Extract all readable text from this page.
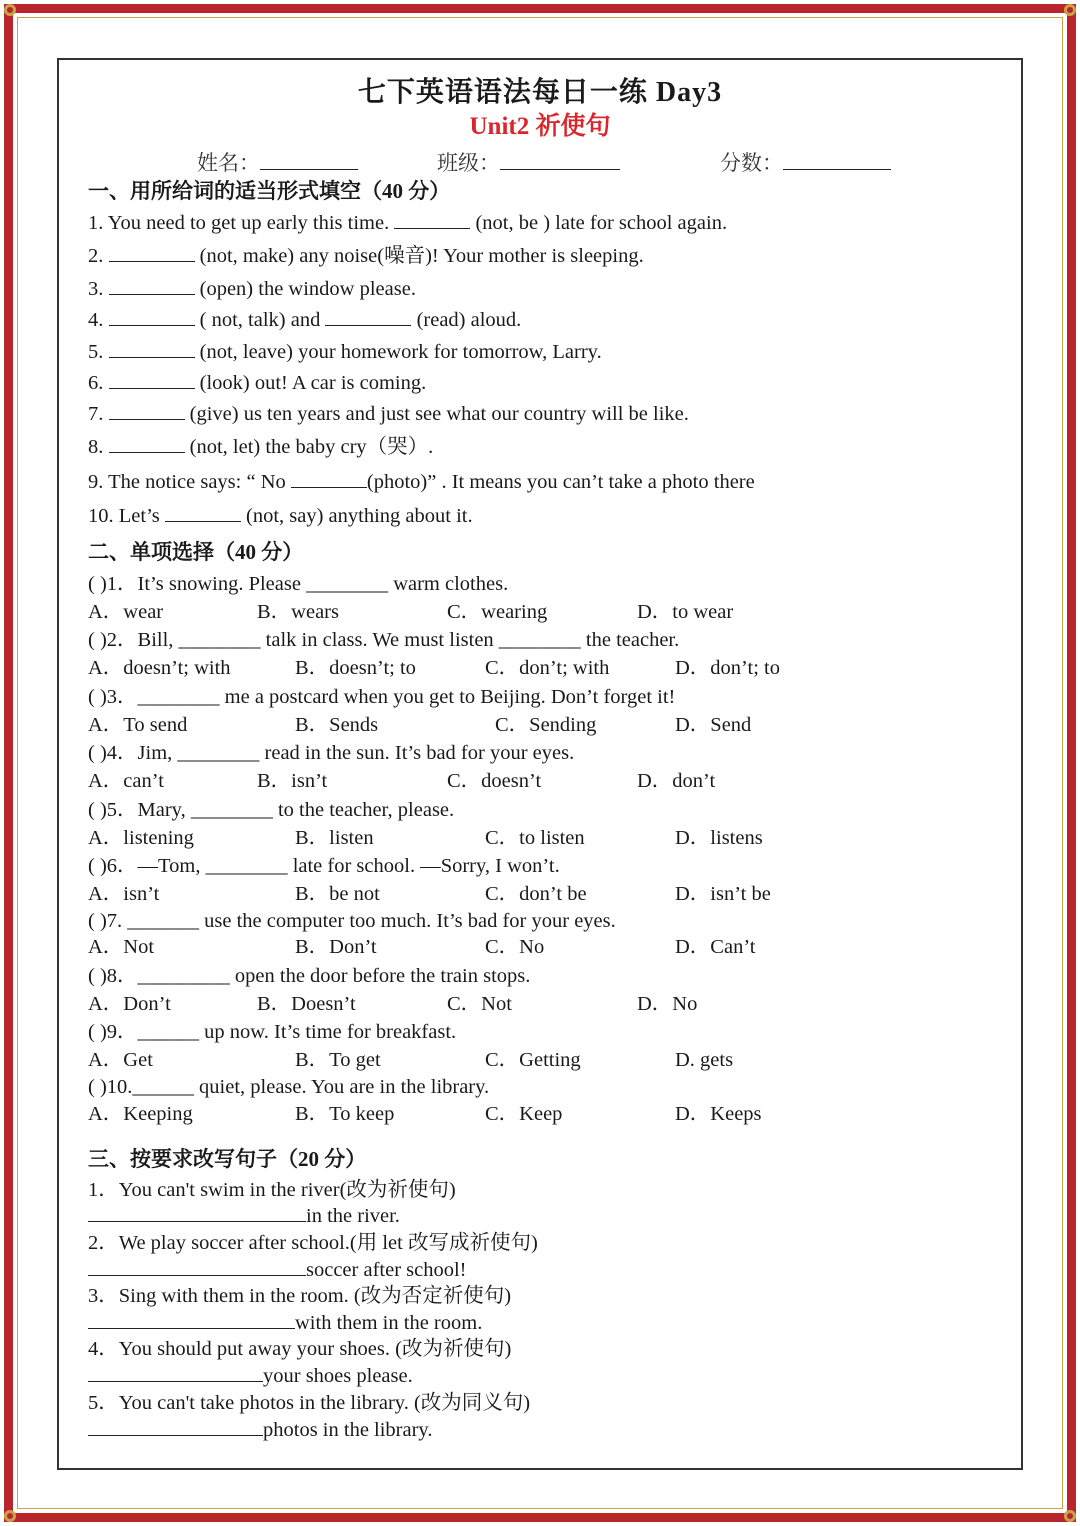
七下英语语法每日一练 Day3
Unit2 祈使句
姓名：	班级：	分数：
一、用所给词的适当形式填空（40 分）
1. You need to get up early this time.	(not, be ) late for school again.
2.	(not, make) any noise(噪音)! Your mother is sleeping.
3.	(open) the window please.
4.	( not, talk) and	(read) aloud.
5.	(not, leave) your homework for tomorrow, Larry.
6.	(look) out! A car is coming.
7.	(give) us ten years and just see what our country will be like.
8.	(not, let) the baby cry（哭）.
9. The notice says: “ No	(photo)” . It means you can’t take a photo there
10. Let’s	(not, say) anything about it.
二、单项选择（40 分）
( )1．It’s snowing. Please ________ warm clothes.
A．wear	B．wears	C．wearing	D．to wear
( )2．Bill, ________ talk in class. We must listen ________ the teacher.
A．doesn’t; with	B．doesn’t; to	C．don’t; with	D．don’t; to
( )3．________ me a postcard when you get to Beijing. Don’t forget it!
A．To send	B．Sends	C．Sending	D．Send
( )4．Jim, ________ read in the sun. It’s bad for your eyes.
A．can’t	B．isn’t	C．doesn’t	D．don’t
( )5．Mary, ________ to the teacher, please.
A．listening	B．listen	C．to listen	D．listens
( )6．—Tom, ________ late for school. —Sorry, I won’t.
A．isn’t	B．be not	C．don’t be	D．isn’t be
( )7. _______ use the computer too much. It’s bad for your eyes.
A．Not	B．Don’t	C．No	D．Can’t
( )8．_________ open the door before the train stops.
A．Don’t	B．Doesn’t	C．Not	D．No
( )9．______ up now. It’s time for breakfast.
A．Get	B．To get	C．Getting	D. gets
( )10.______ quiet, please. You are in the library.
A．Keeping	B．To keep	C．Keep	D．Keeps
三、按要求改写句子（20 分）
1．You can't swim in the river(改为祈使句)
in the river.
2．We play soccer after school.(用 let 改写成祈使句)
soccer after school!
3．Sing with them in the room. (改为否定祈使句)
with them in the room.
4．You should put away your shoes. (改为祈使句)
your shoes please.
5．You can't take photos in the library. (改为同义句)
photos in the library.
